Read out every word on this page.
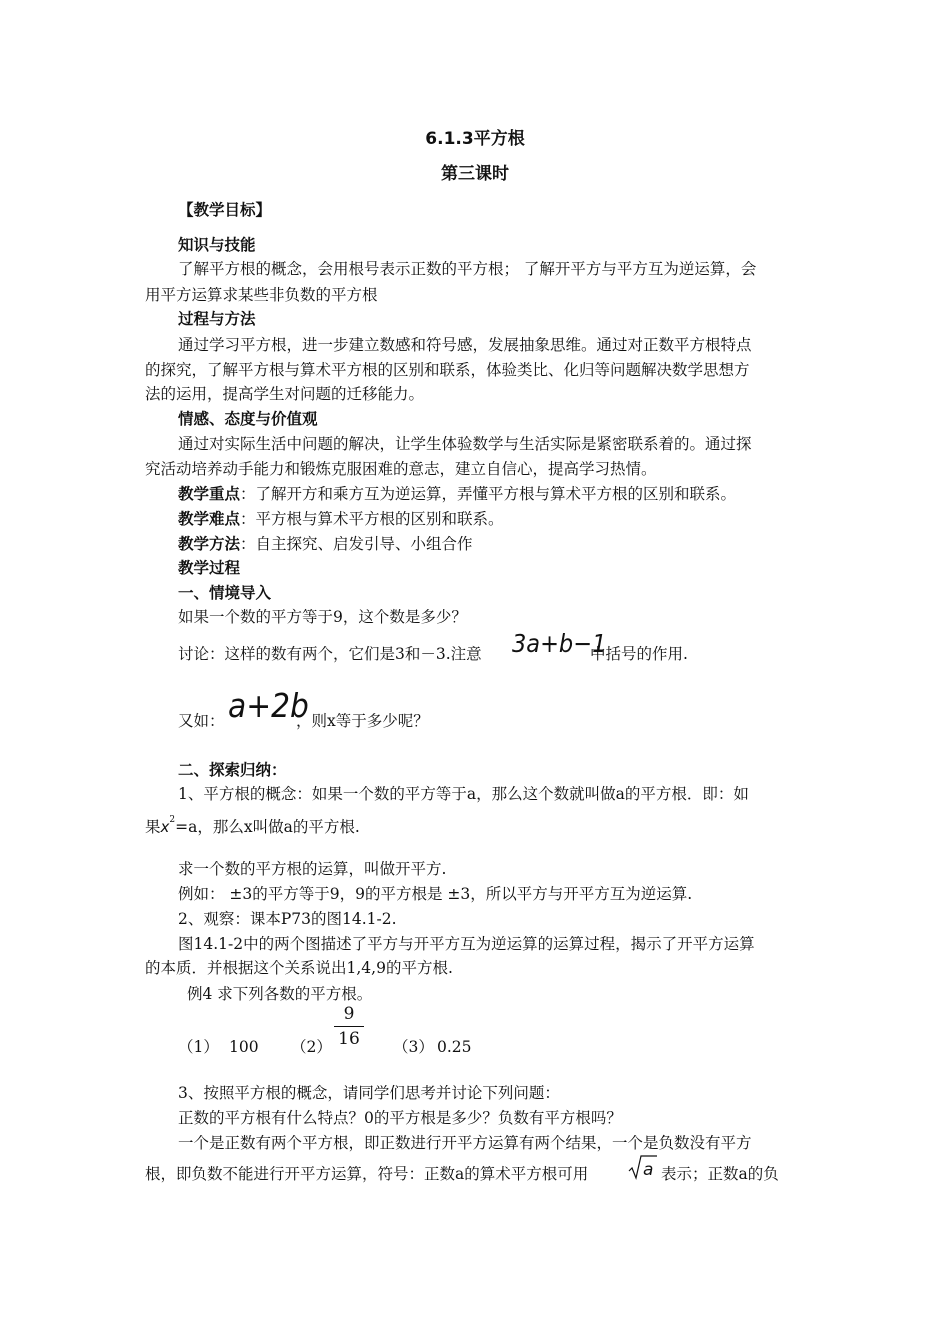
6.1.3平方根
第三课时
【教学目标】
知识与技能
了解平方根的概念，会用根号表示正数的平方根； 了解开平方与平方互为逆运算，会
用平方运算求某些非负数的平方根
过程与方法
通过学习平方根，进一步建立数感和符号感，发展抽象思维。通过对正数平方根特点
的探究，了解平方根与算术平方根的区别和联系，体验类比、化归等问题解决数学思想方
法的运用，提高学生对问题的迁移能力。
情感、态度与价值观
通过对实际生活中问题的解决，让学生体验数学与生活实际是紧密联系着的。通过探
究活动培养动手能力和锻炼克服困难的意志，建立自信心，提高学习热情。
教学重点：了解开方和乘方互为逆运算，弄懂平方根与算术平方根的区别和联系。
教学难点：平方根与算术平方根的区别和联系。
教学方法：自主探究、启发引导、小组合作
教学过程
一、情境导入
如果一个数的平方等于9，这个数是多少？
讨论：这样的数有两个，它们是3和－3.注意 3a+b−1
中括号的作用.
又如： a+2b
，则x等于多少呢？
二、探索归纳：
1、平方根的概念：如果一个数的平方等于a，那么这个数就叫做a的平方根．即：如
果$x^2=a$，那么x叫做a的平方根.
求一个数的平方根的运算，叫做开平方.
例如： ±3的平方等于9，9的平方根是 ±3，所以平方与开平方互为逆运算.
2、观察：课本P73的图14.1-2.
图14.1-2中的两个图描述了平方与开平方互为逆运算的运算过程，揭示了开平方运算
的本质．并根据这个关系说出1,4,9的平方根.
例4 求下列各数的平方根。
（1） 100 （2）
9
16 （3） 0.25
3、按照平方根的概念，请同学们思考并讨论下列问题：
正数的平方根有什么特点？0的平方根是多少？负数有平方根吗？
一个是正数有两个平方根，即正数进行开平方运算有两个结果，一个是负数没有平方
根，即负数不能进行开平方运算，符号：正数a的算术平方根可用	a 表示；正数a的负
